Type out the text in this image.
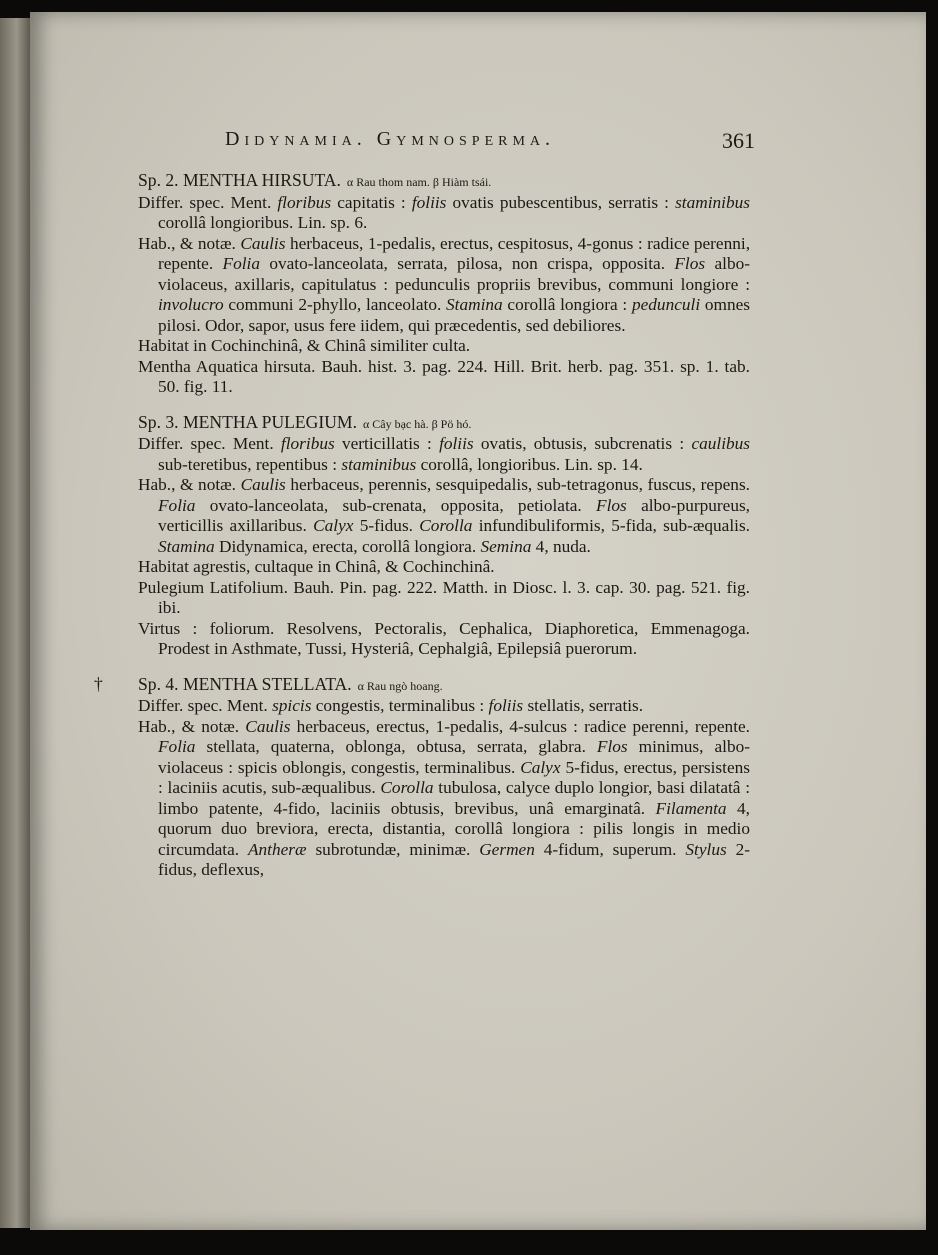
Didynamia. Gymnosperma.	361
Sp. 2. MENTHA HIRSUTA. α Rau thom nam. β Hiàm tsái.

Differ. spec. Ment. floribus capitatis : foliis ovatis pubescentibus, serratis : staminibus corollâ longioribus. Lin. sp. 6.

Hab., & notæ. Caulis herbaceus, 1-pedalis, erectus, cespitosus, 4-gonus : radice perenni, repente. Folia ovato-lanceolata, serrata, pilosa, non crispa, opposita. Flos albo-violaceus, axillaris, capitulatus : pedunculis propriis brevibus, communi longiore : involucro communi 2-phyllo, lanceolato. Stamina corollâ longiora : pedunculi omnes pilosi. Odor, sapor, usus fere iidem, qui præcedentis, sed debiliores.

Habitat in Cochinchinâ, & Chinâ similiter culta.

Mentha Aquatica hirsuta. Bauh. hist. 3. pag. 224. Hill. Brit. herb. pag. 351. sp. 1. tab. 50. fig. 11.

Sp. 3. MENTHA PULEGIUM. α Cây bạc hà. β Pö hó.

Differ. spec. Ment. floribus verticillatis : foliis ovatis, obtusis, subcrenatis : caulibus sub-teretibus, repentibus : staminibus corollâ, longioribus. Lin. sp. 14.

Hab., & notæ. Caulis herbaceus, perennis, sesquipedalis, sub-tetragonus, fuscus, repens. Folia ovato-lanceolata, sub-crenata, opposita, petiolata. Flos albo-purpureus, verticillis axillaribus. Calyx 5-fidus. Corolla infundibuliformis, 5-fida, sub-æqualis. Stamina Didynamica, erecta, corollâ longiora. Semina 4, nuda.

Habitat agrestis, cultaque in Chinâ, & Cochinchinâ.

Pulegium Latifolium. Bauh. Pin. pag. 222. Matth. in Diosc. l. 3. cap. 30. pag. 521. fig. ibi.

Virtus : foliorum. Resolvens, Pectoralis, Cephalica, Diaphoretica, Emmenagoga. Prodest in Asthmate, Tussi, Hysteriâ, Cephalgiâ, Epilepsiâ puerorum.

†	Sp. 4. MENTHA STELLATA. α Rau ngò hoang.

Differ. spec. Ment. spicis congestis, terminalibus : foliis stellatis, serratis.

Hab., & notæ. Caulis herbaceus, erectus, 1-pedalis, 4-sulcus : radice perenni, repente. Folia stellata, quaterna, oblonga, obtusa, serrata, glabra. Flos minimus, albo-violaceus : spicis oblongis, congestis, terminalibus. Calyx 5-fidus, erectus, persistens : laciniis acutis, sub-æqualibus. Corolla tubulosa, calyce duplo longior, basi dilatatâ : limbo patente, 4-fido, laciniis obtusis, brevibus, unâ emarginatâ. Filamenta 4, quorum duo breviora, erecta, distantia, corollâ longiora : pilis longis in medio circumdata. Antheræ subrotundæ, minimæ. Germen 4-fidum, superum. Stylus 2-fidus, deflexus,
